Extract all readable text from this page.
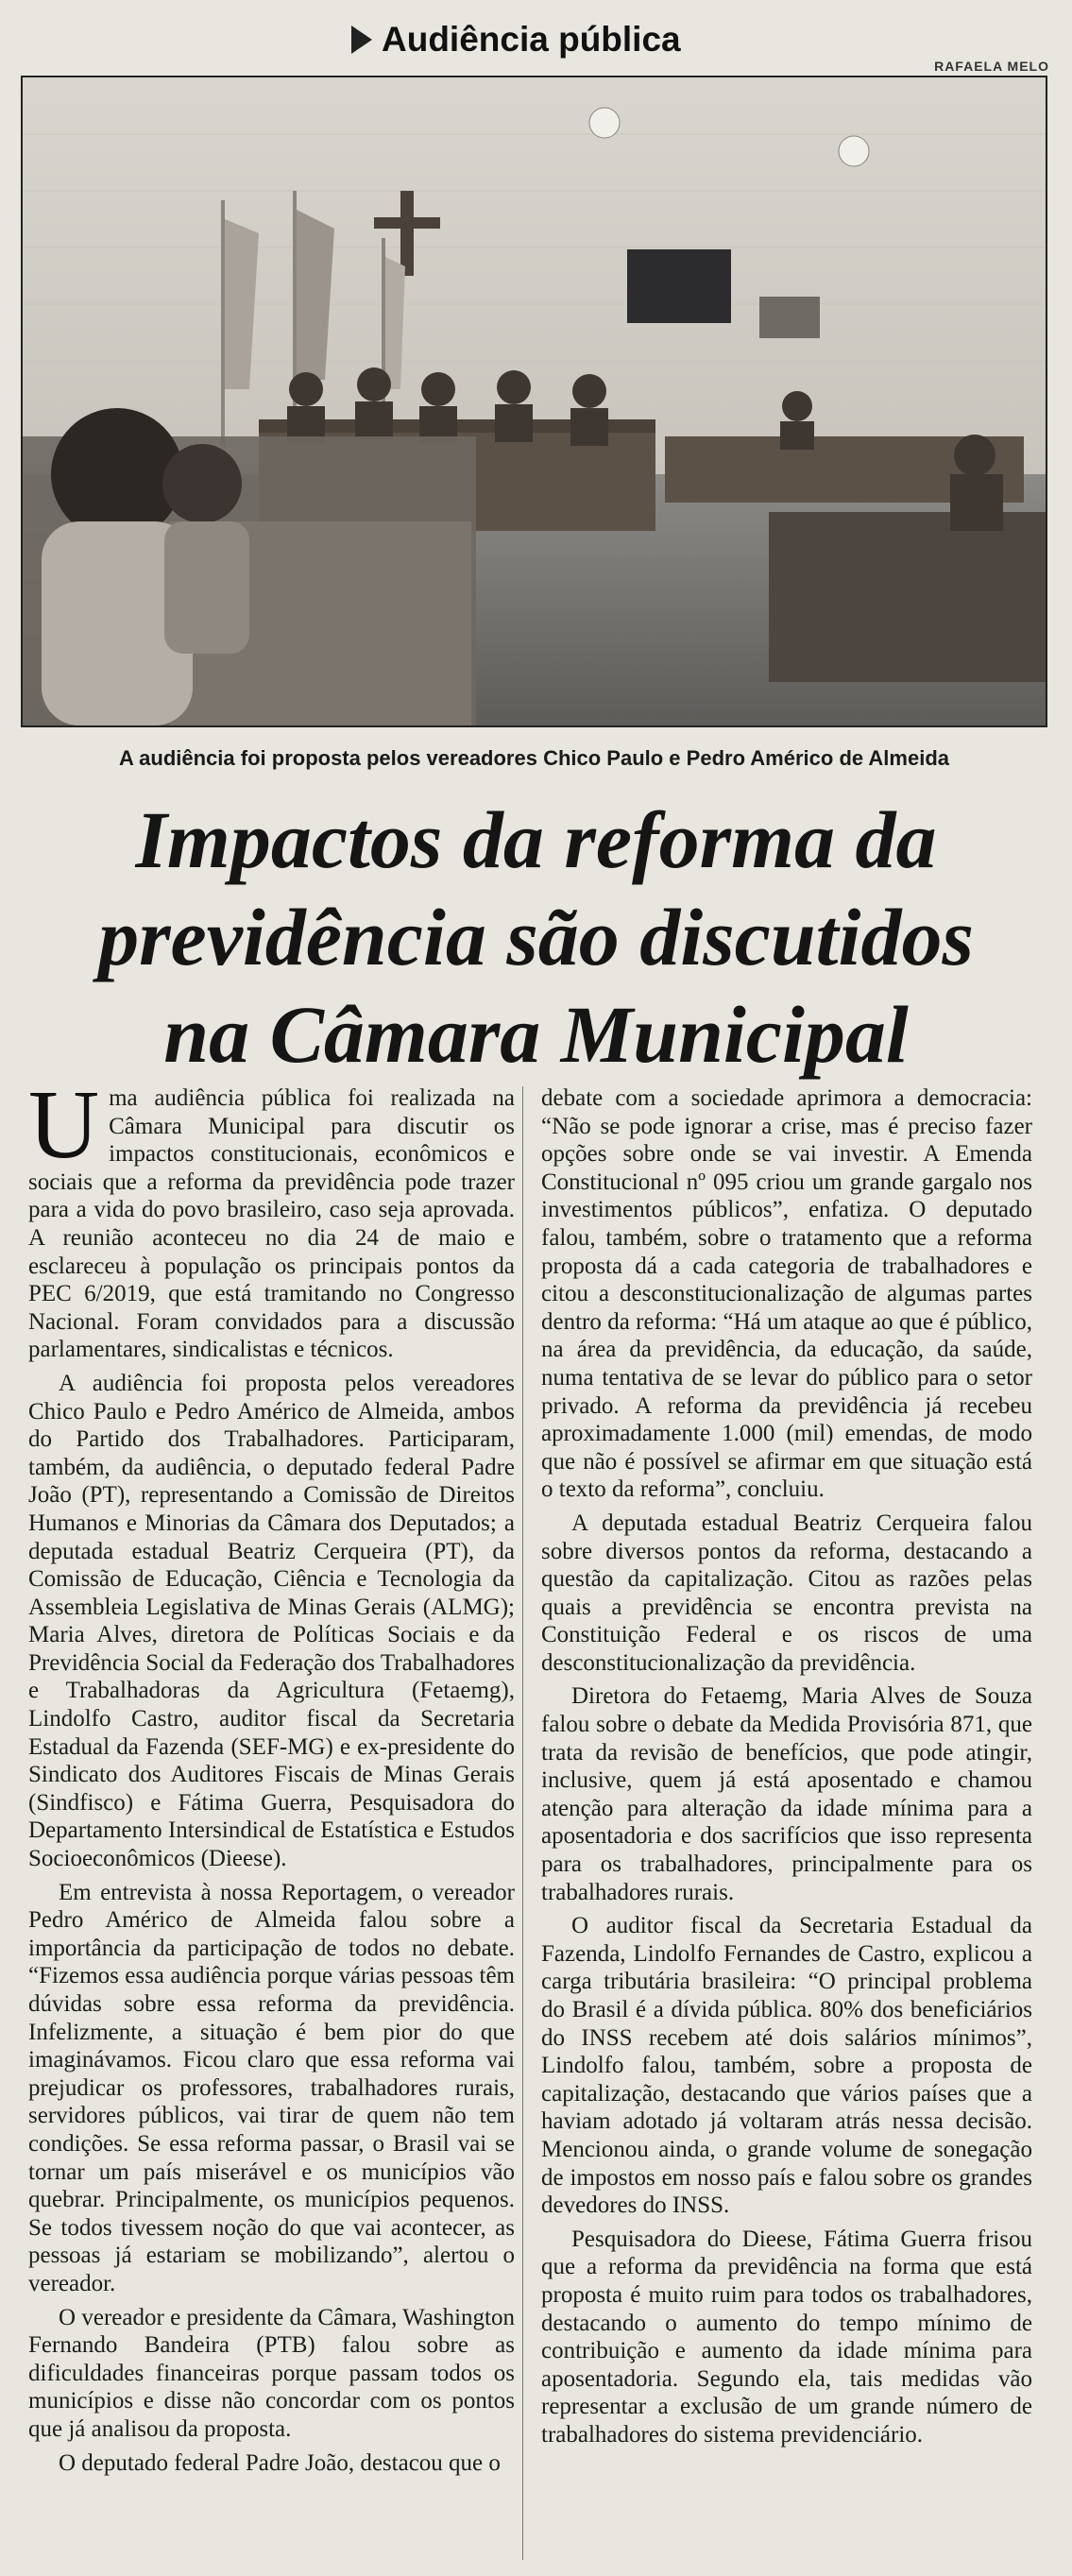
Audiência pública
RAFAELA MELO
A audiência foi proposta pelos vereadores Chico Paulo e Pedro Américo de Almeida
Impactos da reforma da
previdência são discutidos
na Câmara Municipal

Uma audiência pública foi realizada na Câmara Municipal para discutir os impactos constitucionais, econômicos e sociais que a reforma da previdência pode trazer para a vida do povo brasileiro, caso seja aprovada. A reunião aconteceu no dia 24 de maio e esclareceu à população os principais pontos da PEC 6/2019, que está tramitando no Congresso Nacional. Foram convidados para a discussão parlamentares, sindicalistas e técnicos.

A audiência foi proposta pelos vereadores Chico Paulo e Pedro Américo de Almeida, ambos do Partido dos Trabalhadores. Participaram, também, da audiência, o deputado federal Padre João (PT), representando a Comissão de Direitos Humanos e Minorias da Câmara dos Deputados; a deputada estadual Beatriz Cerqueira (PT), da Comissão de Educação, Ciência e Tecnologia da Assembleia Legislativa de Minas Gerais (ALMG); Maria Alves, diretora de Políticas Sociais e da Previdência Social da Federação dos Trabalhadores e Trabalhadoras da Agricultura (Fetaemg), Lindolfo Castro, auditor fiscal da Secretaria Estadual da Fazenda (SEF-MG) e ex-presidente do Sindicato dos Auditores Fiscais de Minas Gerais (Sindfisco) e Fátima Guerra, Pesquisadora do Departamento Intersindical de Estatística e Estudos Socioeconômicos (Dieese).

Em entrevista à nossa Reportagem, o vereador Pedro Américo de Almeida falou sobre a importância da participação de todos no debate. “Fizemos essa audiência porque várias pessoas têm dúvidas sobre essa reforma da previdência. Infelizmente, a situação é bem pior do que imaginávamos. Ficou claro que essa reforma vai prejudicar os professores, trabalhadores rurais, servidores públicos, vai tirar de quem não tem condições. Se essa reforma passar, o Brasil vai se tornar um país miserável e os municípios vão quebrar. Principalmente, os municípios pequenos. Se todos tivessem noção do que vai acontecer, as pessoas já estariam se mobilizando”, alertou o vereador.

O vereador e presidente da Câmara, Washington Fernando Bandeira (PTB) falou sobre as dificuldades financeiras porque passam todos os municípios e disse não concordar com os pontos que já analisou da proposta.

O deputado federal Padre João, destacou que o

debate com a sociedade aprimora a democracia: “Não se pode ignorar a crise, mas é preciso fazer opções sobre onde se vai investir. A Emenda Constitucional nº 095 criou um grande gargalo nos investimentos públicos”, enfatiza. O deputado falou, também, sobre o tratamento que a reforma proposta dá a cada categoria de trabalhadores e citou a desconstitucionalização de algumas partes dentro da reforma: “Há um ataque ao que é público, na área da previdência, da educação, da saúde, numa tentativa de se levar do público para o setor privado. A reforma da previdência já recebeu aproximadamente 1.000 (mil) emendas, de modo que não é possível se afirmar em que situação está o texto da reforma”, concluiu.

A deputada estadual Beatriz Cerqueira falou sobre diversos pontos da reforma, destacando a questão da capitalização. Citou as razões pelas quais a previdência se encontra prevista na Constituição Federal e os riscos de uma desconstitucionalização da previdência.

Diretora do Fetaemg, Maria Alves de Souza falou sobre o debate da Medida Provisória 871, que trata da revisão de benefícios, que pode atingir, inclusive, quem já está aposentado e chamou atenção para alteração da idade mínima para a aposentadoria e dos sacrifícios que isso representa para os trabalhadores, principalmente para os trabalhadores rurais.

O auditor fiscal da Secretaria Estadual da Fazenda, Lindolfo Fernandes de Castro, explicou a carga tributária brasileira: “O principal problema do Brasil é a dívida pública. 80% dos beneficiários do INSS recebem até dois salários mínimos”, Lindolfo falou, também, sobre a proposta de capitalização, destacando que vários países que a haviam adotado já voltaram atrás nessa decisão. Mencionou ainda, o grande volume de sonegação de impostos em nosso país e falou sobre os grandes devedores do INSS.

Pesquisadora do Dieese, Fátima Guerra frisou que a reforma da previdência na forma que está proposta é muito ruim para todos os trabalhadores, destacando o aumento do tempo mínimo de contribuição e aumento da idade mínima para aposentadoria. Segundo ela, tais medidas vão representar a exclusão de um grande número de trabalhadores do sistema previdenciário.
